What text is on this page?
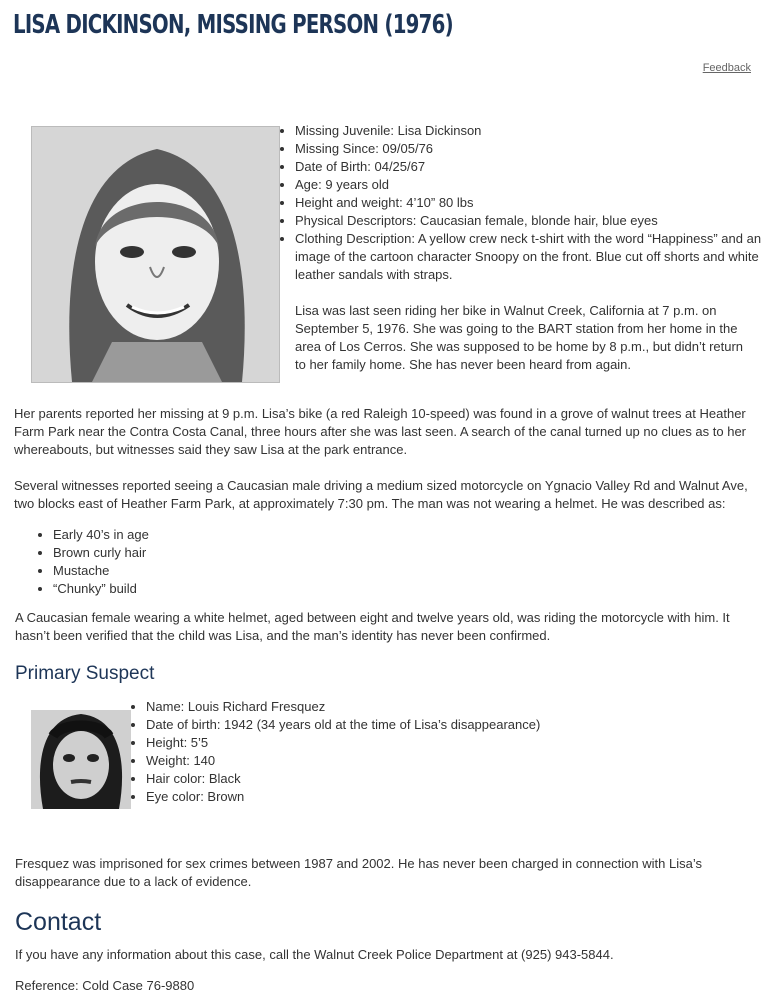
LISA DICKINSON, MISSING PERSON (1976)
Feedback
• Missing Juvenile: Lisa Dickinson
• Missing Since: 09/05/76
• Date of Birth: 04/25/67
• Age: 9 years old
• Height and weight: 4’10” 80 lbs
• Physical Descriptors: Caucasian female, blonde hair, blue eyes
• Clothing Description: A yellow crew neck t-shirt with the word “Happiness” and an image of the cartoon character Snoopy on the front. Blue cut off shorts and white leather sandals with straps.

Lisa was last seen riding her bike in Walnut Creek, California at 7 p.m. on September 5, 1976. She was going to the BART station from her home in the area of Los Cerros. She was supposed to be home by 8 p.m., but didn’t return to her family home. She has never been heard from again.

Her parents reported her missing at 9 p.m. Lisa’s bike (a red Raleigh 10-speed) was found in a grove of walnut trees at Heather Farm Park near the Contra Costa Canal, three hours after she was last seen. A search of the canal turned up no clues as to her whereabouts, but witnesses said they saw Lisa at the park entrance.

Several witnesses reported seeing a Caucasian male driving a medium sized motorcycle on Ygnacio Valley Rd and Walnut Ave, two blocks east of Heather Farm Park, at approximately 7:30 pm. The man was not wearing a helmet. He was described as:

• Early 40’s in age
• Brown curly hair
• Mustache
• “Chunky” build

A Caucasian female wearing a white helmet, aged between eight and twelve years old, was riding the motorcycle with him. It hasn’t been verified that the child was Lisa, and the man’s identity has never been confirmed.

Primary Suspect
• Name: Louis Richard Fresquez
• Date of birth: 1942 (34 years old at the time of Lisa’s disappearance)
• Height: 5’5
• Weight: 140
• Hair color: Black
• Eye color: Brown

Fresquez was imprisoned for sex crimes between 1987 and 2002. He has never been charged in connection with Lisa’s disappearance due to a lack of evidence.

Contact

If you have any information about this case, call the Walnut Creek Police Department at (925) 943-5844.

Reference: Cold Case 76-9880
